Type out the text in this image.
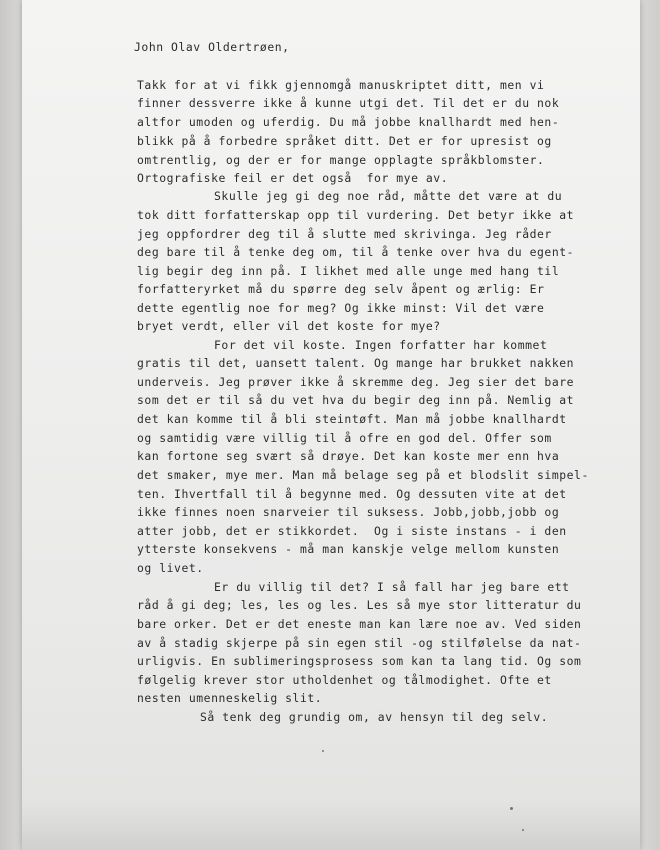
John Olav Oldertrøen,
Takk for at vi fikk gjennomgå manuskriptet ditt, men vi
finner dessverre ikke å kunne utgi det. Til det er du nok
altfor umoden og uferdig. Du må jobbe knallhardt med hen-
blikk på å forbedre språket ditt. Det er for upresist og
omtrentlig, og der er for mange opplagte språkblomster.
Ortografiske feil er det også  for mye av.
Skulle jeg gi deg noe råd, måtte det være at du
tok ditt forfatterskap opp til vurdering. Det betyr ikke at
jeg oppfordrer deg til å slutte med skrivinga. Jeg råder
deg bare til å tenke deg om, til å tenke over hva du egent-
lig begir deg inn på. I likhet med alle unge med hang til
forfatteryrket må du spørre deg selv åpent og ærlig: Er
dette egentlig noe for meg? Og ikke minst: Vil det være
bryet verdt, eller vil det koste for mye?
For det vil koste. Ingen forfatter har kommet
gratis til det, uansett talent. Og mange har brukket nakken
underveis. Jeg prøver ikke å skremme deg. Jeg sier det bare
som det er til så du vet hva du begir deg inn på. Nemlig at
det kan komme til å bli steintøft. Man må jobbe knallhardt
og samtidig være villig til å ofre en god del. Offer som
kan fortone seg svært så drøye. Det kan koste mer enn hva
det smaker, mye mer. Man må belage seg på et blodslit simpel-
ten. Ihvertfall til å begynne med. Og dessuten vite at det
ikke finnes noen snarveier til suksess. Jobb,jobb,jobb og
atter jobb, det er stikkordet.  Og i siste instans - i den
ytterste konsekvens - må man kanskje velge mellom kunsten
og livet.
Er du villig til det? I så fall har jeg bare ett
råd å gi deg; les, les og les. Les så mye stor litteratur du
bare orker. Det er det eneste man kan lære noe av. Ved siden
av å stadig skjerpe på sin egen stil -og stilfølelse da nat-
urligvis. En sublimeringsprosess som kan ta lang tid. Og som
følgelig krever stor utholdenhet og tålmodighet. Ofte et
nesten umenneskelig slit.
Så tenk deg grundig om, av hensyn til deg selv.
